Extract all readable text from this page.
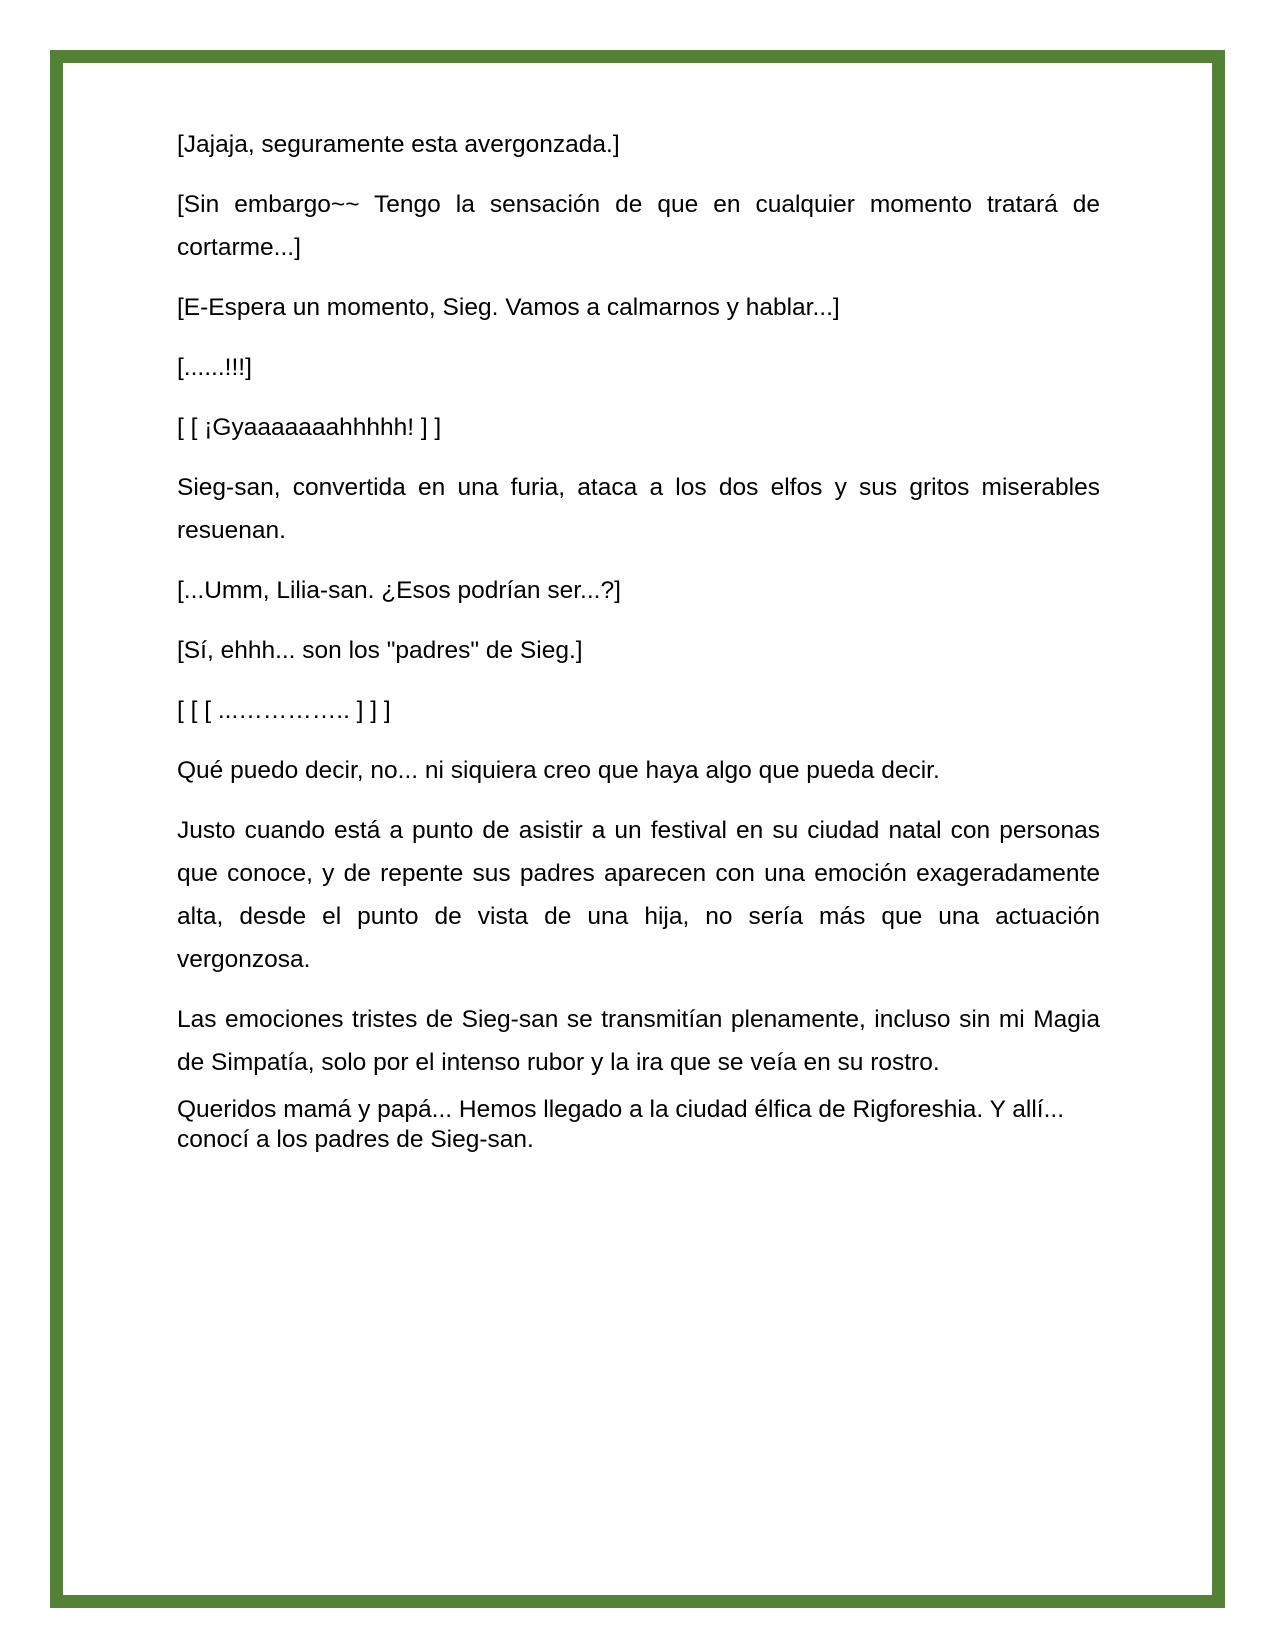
[Jajaja, seguramente esta avergonzada.]

[Sin embargo~~ Tengo la sensación de que en cualquier momento tratará de cortarme...]

[E-Espera un momento, Sieg. Vamos a calmarnos y hablar...]

[......!!!]

[ [ ¡Gyaaaaaaahhhhh! ] ]

Sieg-san, convertida en una furia, ataca a los dos elfos y sus gritos miserables resuenan.

[...Umm, Lilia-san. ¿Esos podrían ser...?]

[Sí, ehhh... son los "padres" de Sieg.]

[ [ [ ...………….. ] ] ]

Qué puedo decir, no... ni siquiera creo que haya algo que pueda decir.

Justo cuando está a punto de asistir a un festival en su ciudad natal con personas que conoce, y de repente sus padres aparecen con una emoción exageradamente alta, desde el punto de vista de una hija, no sería más que una actuación vergonzosa.

Las emociones tristes de Sieg-san se transmitían plenamente, incluso sin mi Magia de Simpatía, solo por el intenso rubor y la ira que se veía en su rostro.

Queridos mamá y papá... Hemos llegado a la ciudad élfica de Rigforeshia. Y allí... conocí a los padres de Sieg-san.
